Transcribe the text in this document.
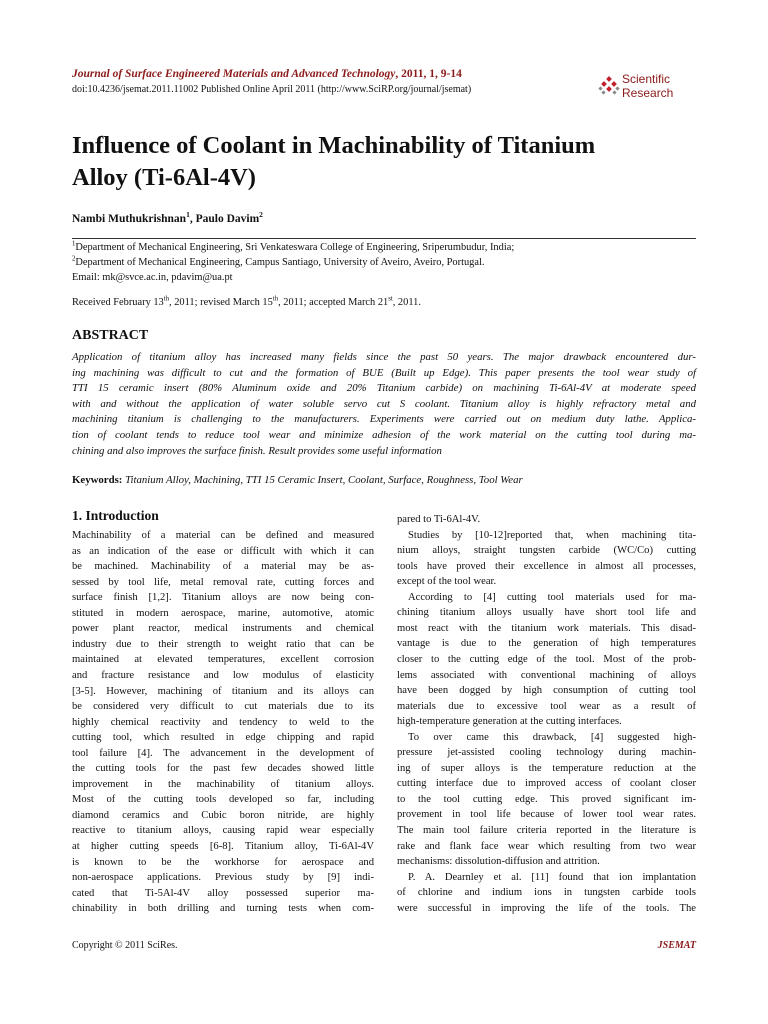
Journal of Surface Engineered Materials and Advanced Technology, 2011, 1, 9-14
doi:10.4236/jsemat.2011.11002 Published Online April 2011 (http://www.SciRP.org/journal/jsemat)
Scientific
Research
Influence of Coolant in Machinability of Titanium
Alloy (Ti-6Al-4V)
Nambi Muthukrishnan$^1$, Paulo Davim$^2$
$^1$Department of Mechanical Engineering, Sri Venkateswara College of Engineering, Sriperumbudur, India;
$^2$Department of Mechanical Engineering, Campus Santiago, University of Aveiro, Aveiro, Portugal.
Email: mk@svce.ac.in, pdavim@ua.pt
Received February 13th, 2011; revised March 15th, 2011; accepted March 21st, 2011.
ABSTRACT
Application of titanium alloy has increased many fields since the past 50 years. The major drawback encountered dur-
ing machining was difficult to cut and the formation of BUE (Built up Edge). This paper presents the tool wear study of
TTI 15 ceramic insert (80% Aluminum oxide and 20% Titanium carbide) on machining Ti-6Al-4V at moderate speed
with and without the application of water soluble servo cut S coolant. Titanium alloy is highly refractory metal and
machining titanium is challenging to the manufacturers. Experiments were carried out on medium duty lathe. Applica-
tion of coolant tends to reduce tool wear and minimize adhesion of the work material on the cutting tool during ma-
chining and also improves the surface finish. Result provides some useful information
Keywords: Titanium Alloy, Machining, TTI 15 Ceramic Insert, Coolant, Surface, Roughness, Tool Wear
1. Introduction
Machinability of a material can be defined and measured
as an indication of the ease or difficult with which it can
be machined. Machinability of a material may be as-
sessed by tool life, metal removal rate, cutting forces and
surface finish [1,2]. Titanium alloys are now being con-
stituted in modern aerospace, marine, automotive, atomic
power plant reactor, medical instruments and chemical
industry due to their strength to weight ratio that can be
maintained at elevated temperatures, excellent corrosion
and fracture resistance and low modulus of elasticity
[3-5]. However, machining of titanium and its alloys can
be considered very difficult to cut materials due to its
highly chemical reactivity and tendency to weld to the
cutting tool, which resulted in edge chipping and rapid
tool failure [4]. The advancement in the development of
the cutting tools for the past few decades showed little
improvement in the machinability of titanium alloys.
Most of the cutting tools developed so far, including
diamond ceramics and Cubic boron nitride, are highly
reactive to titanium alloys, causing rapid wear especially
at higher cutting speeds [6-8]. Titanium alloy, Ti-6Al-4V
is known to be the workhorse for aerospace and
non-aerospace applications. Previous study by [9] indi-
cated that Ti-5Al-4V alloy possessed superior ma-
chinability in both drilling and turning tests when com-
pared to Ti-6Al-4V.
Studies by [10-12]reported that, when machining tita-
nium alloys, straight tungsten carbide (WC/Co) cutting
tools have proved their excellence in almost all processes,
except of the tool wear.
According to [4] cutting tool materials used for ma-
chining titanium alloys usually have short tool life and
most react with the titanium work materials. This disad-
vantage is due to the generation of high temperatures
closer to the cutting edge of the tool. Most of the prob-
lems associated with conventional machining of alloys
have been dogged by high consumption of cutting tool
materials due to excessive tool wear as a result of
high-temperature generation at the cutting interfaces.
To over came this drawback, [4] suggested high-
pressure jet-assisted cooling technology during machin-
ing of super alloys is the temperature reduction at the
cutting interface due to improved access of coolant closer
to the tool cutting edge. This proved significant im-
provement in tool life because of lower tool wear rates.
The main tool failure criteria reported in the literature is
rake and flank face wear which resulting from two wear
mechanisms: dissolution-diffusion and attrition.
P. A. Dearnley et al. [11] found that ion implantation
of chlorine and indium ions in tungsten carbide tools
were successful in improving the life of the tools. The
Copyright © 2011 SciRes.	JSEMAT
